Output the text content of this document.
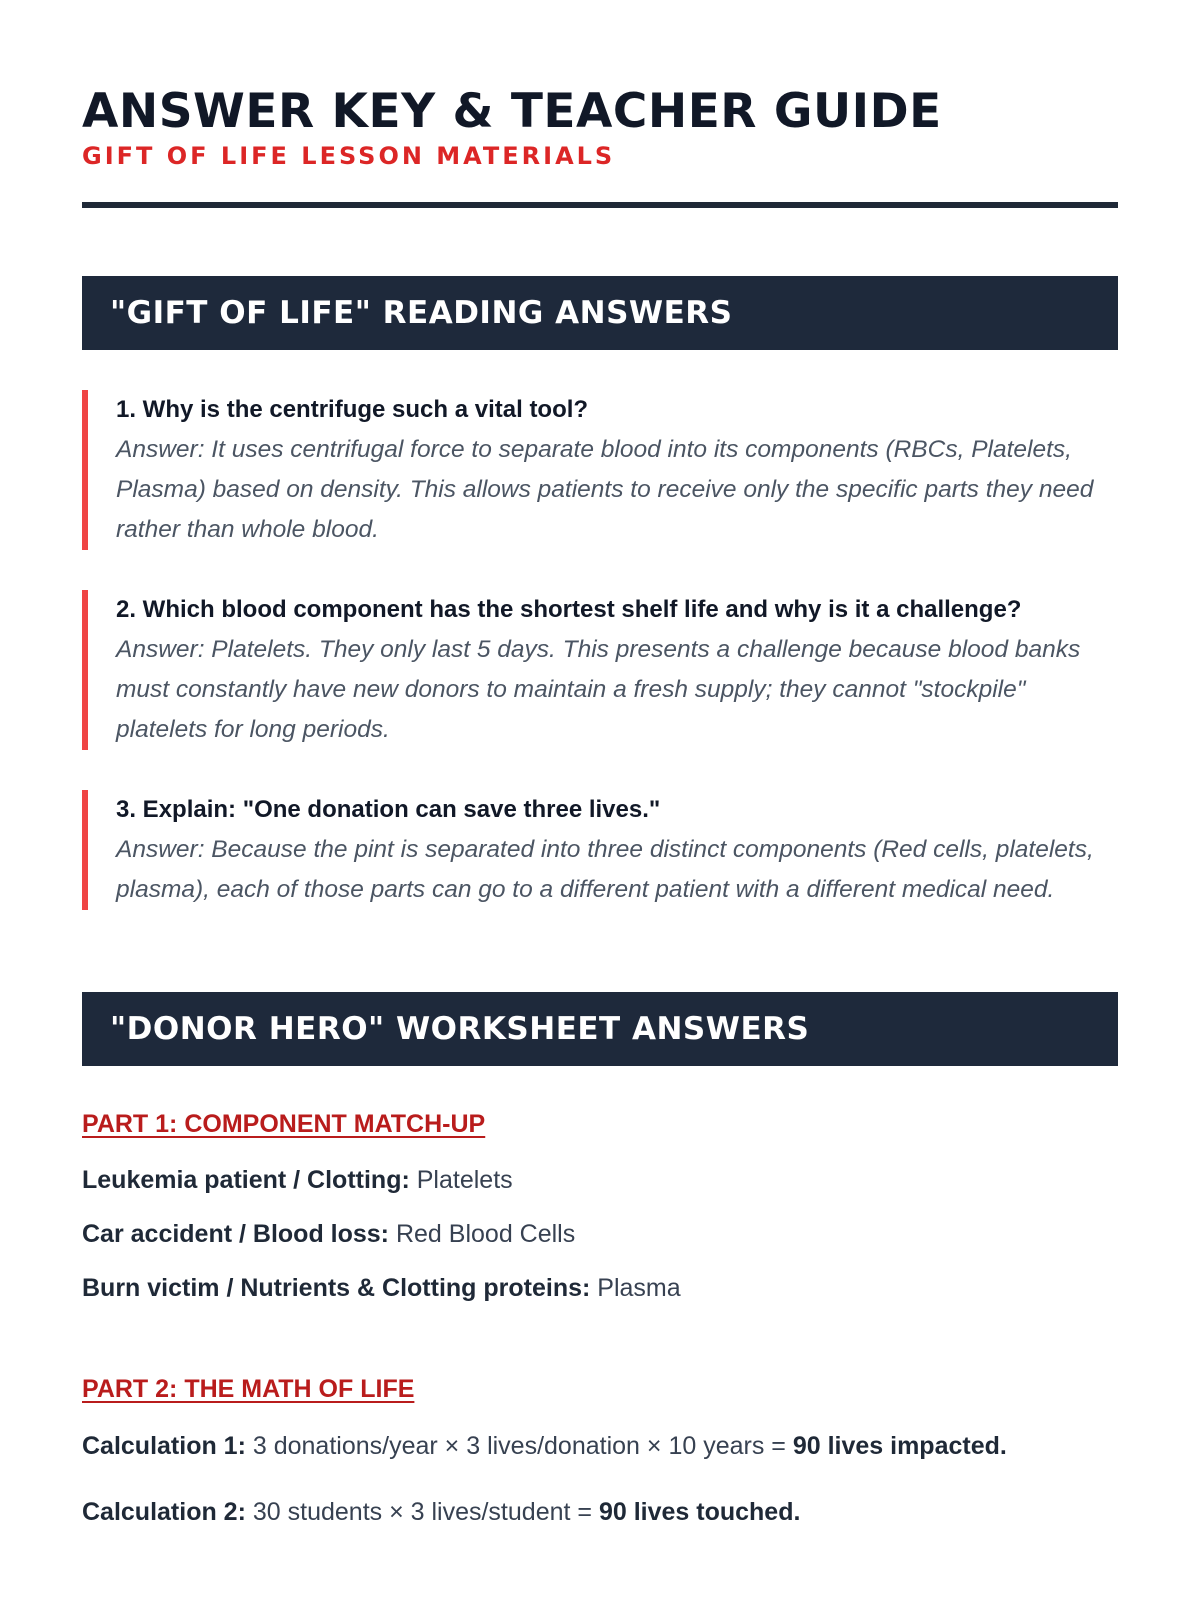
ANSWER KEY & TEACHER GUIDE
GIFT OF LIFE LESSON MATERIALS
"GIFT OF LIFE" READING ANSWERS
1. Why is the centrifuge such a vital tool?
Answer: It uses centrifugal force to separate blood into its components (RBCs, Platelets, Plasma) based on density. This allows patients to receive only the specific parts they need rather than whole blood.
2. Which blood component has the shortest shelf life and why is it a challenge?
Answer: Platelets. They only last 5 days. This presents a challenge because blood banks must constantly have new donors to maintain a fresh supply; they cannot "stockpile" platelets for long periods.
3. Explain: "One donation can save three lives."
Answer: Because the pint is separated into three distinct components (Red cells, platelets, plasma), each of those parts can go to a different patient with a different medical need.
"DONOR HERO" WORKSHEET ANSWERS
PART 1: COMPONENT MATCH-UP
Leukemia patient / Clotting: Platelets
Car accident / Blood loss: Red Blood Cells
Burn victim / Nutrients & Clotting proteins: Plasma
PART 2: THE MATH OF LIFE
Calculation 1: 3 donations/year × 3 lives/donation × 10 years = 90 lives impacted.
Calculation 2: 30 students × 3 lives/student = 90 lives touched.
